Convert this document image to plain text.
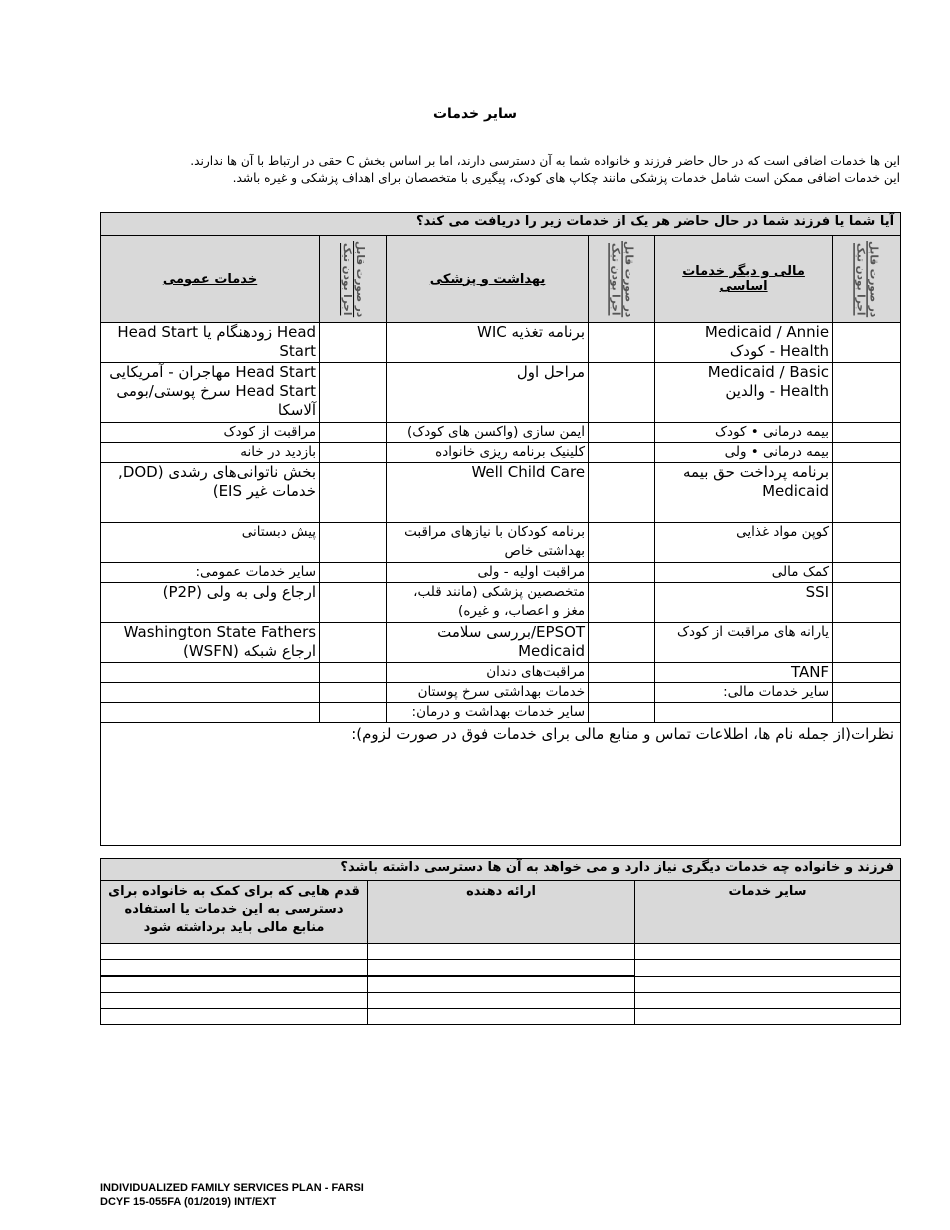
سایر خدمات
این ها خدمات اضافی است که در حال حاضر فرزند و خانواده شما به آن دسترسی دارند، اما بر اساس بخش C حقی در ارتباط با آن ها ندارند.
این خدمات اضافی ممکن است شامل خدمات پزشکی مانند چکاپ های کودک، پیگیری با متخصصان برای اهداف پزشکی و غیره باشد.
آیا شما یا فرزند شما در حال حاضر هر یک از خدمات زیر را دریافت می کند؟					

در صورت قابل اجرا بودن تیک	مالی و دیگر خدمات اساسی	در صورت قابل اجرا بودن تیک	بهداشت و پزشکی	در صورت قابل اجرا بودن تیک	خدمات عمومی
	Medicaid / Annie Health - کودک		برنامه تغذیه WIC		Head زودهنگام یا Head Start Start
	Medicaid / Basic Health - والدین		مراحل اول		Head Start مهاجران - آمریکایی Head Start سرخ پوستی/بومی آلاسکا
	بیمه درمانی • کودک		ایمن سازی (واکسن های کودک)		مراقبت از کودک
	بیمه درمانی • ولی		کلینیک برنامه ریزی خانواده		بازدید در خانه
	برنامه پرداخت حق بیمه Medicaid		Well Child Care		بخش ناتوانی‌های رشدی (DOD, خدمات غیر EIS)
	کوپن مواد غذایی		برنامه کودکان با نیازهای مراقبت بهداشتی خاص		پیش دبستانی
	کمک مالی		مراقبت اولیه - ولی		سایر خدمات عمومی:
	SSI		متخصصین پزشکی (مانند قلب، مغز و اعصاب، و غیره)		ارجاع ولی به ولی (P2P)
	یارانه های مراقبت از کودک		EPSOT/بررسی سلامت Medicaid		Washington State Fathers ارجاع شبکه (WSFN)
	TANF		مراقبت‌های دندان		
	سایر خدمات مالی:		خدمات بهداشتی سرخ پوستان		
			سایر خدمات بهداشت و درمان:		
نظرات(از جمله نام ها، اطلاعات تماس و منابع مالی برای خدمات فوق در صورت لزوم):					
فرزند و خانواده چه خدمات دیگری نیاز دارد و می خواهد به آن ها دسترسی داشته باشد؟		
سایر خدمات	ارائه دهنده	قدم هایی که برای کمک به خانواده برای دسترسی به این خدمات یا استفاده منابع مالی باید برداشته شود

INDIVIDUALIZED FAMILY SERVICES PLAN - FARSI
DCYF 15-055FA (01/2019) INT/EXT
